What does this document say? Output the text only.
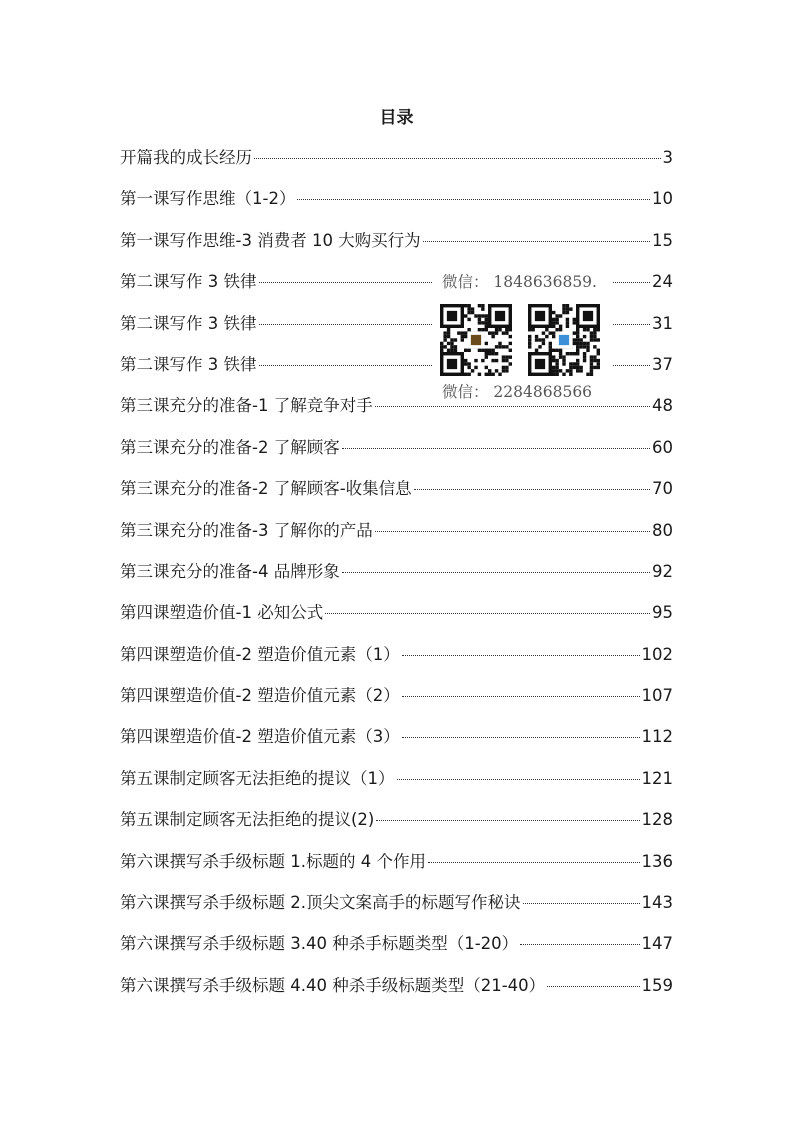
目录
开篇我的成长经历	3
第一课写作思维（1-2）	10
第一课写作思维-3 消费者 10 大购买行为	15
第二课写作 3 铁律	24
第二课写作 3 铁律	31
第二课写作 3 铁律	37
第三课充分的准备-1 了解竞争对手	48
第三课充分的准备-2 了解顾客	60
第三课充分的准备-2 了解顾客-收集信息	70
第三课充分的准备-3 了解你的产品	80
第三课充分的准备-4 品牌形象	92
第四课塑造价值-1 必知公式	95
第四课塑造价值-2 塑造价值元素（1）	102
第四课塑造价值-2 塑造价值元素（2）	107
第四课塑造价值-2 塑造价值元素（3）	112
第五课制定顾客无法拒绝的提议（1）	121
第五课制定顾客无法拒绝的提议(2)	128
第六课撰写杀手级标题 1.标题的 4 个作用	136
第六课撰写杀手级标题 2.顶尖文案高手的标题写作秘诀	143
第六课撰写杀手级标题 3.40 种杀手标题类型（1-20）	147
第六课撰写杀手级标题 4.40 种杀手级标题类型（21-40）	159
微信： 1848636859.
微信： 2284868566
